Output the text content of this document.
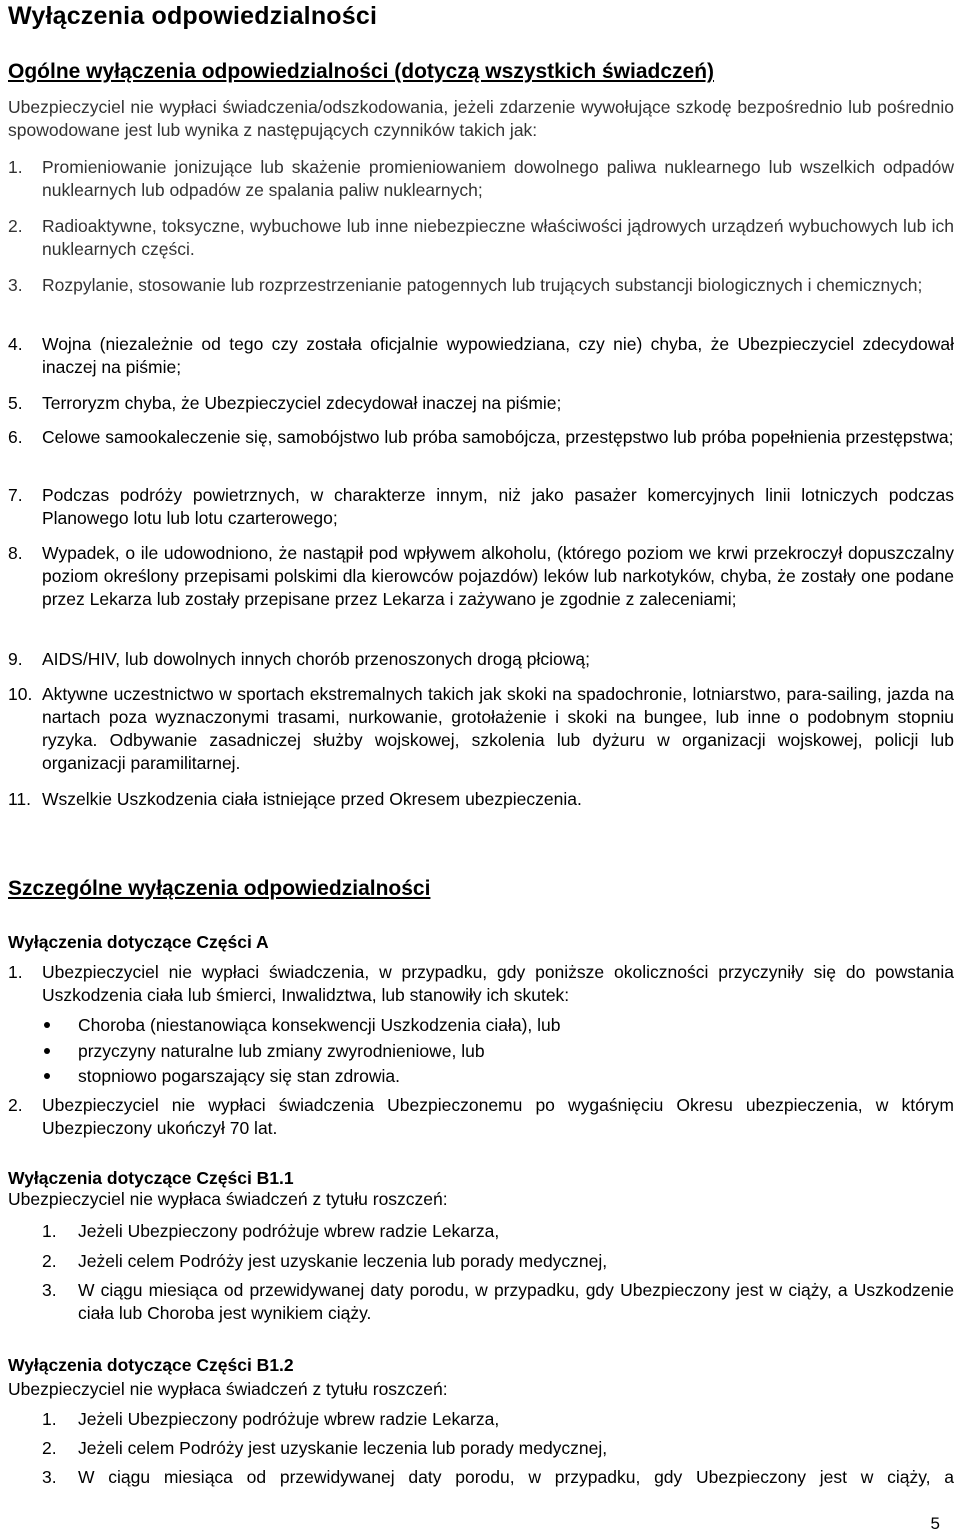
Wyłączenia odpowiedzialności
Ogólne wyłączenia odpowiedzialności (dotyczą wszystkich świadczeń)
Ubezpieczyciel nie wypłaci świadczenia/odszkodowania, jeżeli zdarzenie wywołujące szkodę bezpośrednio lub pośrednio spowodowane jest lub wynika z następujących czynników takich jak:
1. Promieniowanie jonizujące lub skażenie promieniowaniem dowolnego paliwa nuklearnego lub wszelkich odpadów nuklearnych lub odpadów ze spalania paliw nuklearnych;
2. Radioaktywne, toksyczne, wybuchowe lub inne niebezpieczne właściwości jądrowych urządzeń wybuchowych lub ich nuklearnych części.
3. Rozpylanie, stosowanie lub rozprzestrzenianie patogennych lub trujących substancji biologicznych i chemicznych;
4. Wojna (niezależnie od tego czy została oficjalnie wypowiedziana, czy nie) chyba, że Ubezpieczyciel zdecydował inaczej na piśmie;
5. Terroryzm chyba, że Ubezpieczyciel zdecydował inaczej na piśmie;
6. Celowe samookaleczenie się, samobójstwo lub próba samobójcza, przestępstwo lub próba popełnienia przestępstwa;
7. Podczas podróży powietrznych, w charakterze innym, niż jako pasażer komercyjnych linii lotniczych podczas Planowego lotu lub lotu czarterowego;
8. Wypadek, o ile udowodniono, że nastąpił pod wpływem alkoholu, (którego poziom we krwi przekroczył dopuszczalny poziom określony przepisami polskimi dla kierowców pojazdów) leków lub narkotyków, chyba, że zostały one podane przez Lekarza lub zostały przepisane przez Lekarza i zażywano je zgodnie z zaleceniami;
9. AIDS/HIV, lub dowolnych innych chorób przenoszonych drogą płciową;
10. Aktywne uczestnictwo w sportach ekstremalnych takich jak skoki na spadochronie, lotniarstwo, para-sailing, jazda na nartach poza wyznaczonymi trasami, nurkowanie, grotołażenie i skoki na bungee, lub inne o podobnym stopniu ryzyka. Odbywanie zasadniczej służby wojskowej, szkolenia lub dyżuru w organizacji wojskowej, policji lub organizacji paramilitarnej.
11. Wszelkie Uszkodzenia ciała istniejące przed Okresem ubezpieczenia.
Szczególne wyłączenia odpowiedzialności
Wyłączenia dotyczące Części A
1. Ubezpieczyciel nie wypłaci świadczenia, w przypadku, gdy poniższe okoliczności przyczyniły się do powstania Uszkodzenia ciała lub śmierci, Inwalidztwa, lub stanowiły ich skutek:
Choroba (niestanowiąca konsekwencji Uszkodzenia ciała), lub
przyczyny naturalne lub zmiany zwyrodnieniowe, lub
stopniowo pogarszający się stan zdrowia.
2. Ubezpieczyciel nie wypłaci świadczenia Ubezpieczonemu po wygaśnięciu Okresu ubezpieczenia, w którym Ubezpieczony ukończył 70 lat.
Wyłączenia dotyczące Części B1.1
Ubezpieczyciel nie wypłaca świadczeń z tytułu roszczeń:
1. Jeżeli Ubezpieczony podróżuje wbrew radzie Lekarza,
2. Jeżeli celem Podróży jest uzyskanie leczenia lub porady medycznej,
3. W ciągu miesiąca od przewidywanej daty porodu, w przypadku, gdy Ubezpieczony jest w ciąży, a Uszkodzenie ciała lub Choroba jest wynikiem ciąży.
Wyłączenia dotyczące Części B1.2
Ubezpieczyciel nie wypłaca świadczeń z tytułu roszczeń:
1. Jeżeli Ubezpieczony podróżuje wbrew radzie Lekarza,
2. Jeżeli celem Podróży jest uzyskanie leczenia lub porady medycznej,
3. W ciągu miesiąca od przewidywanej daty porodu, w przypadku, gdy Ubezpieczony jest w ciąży, a
5
